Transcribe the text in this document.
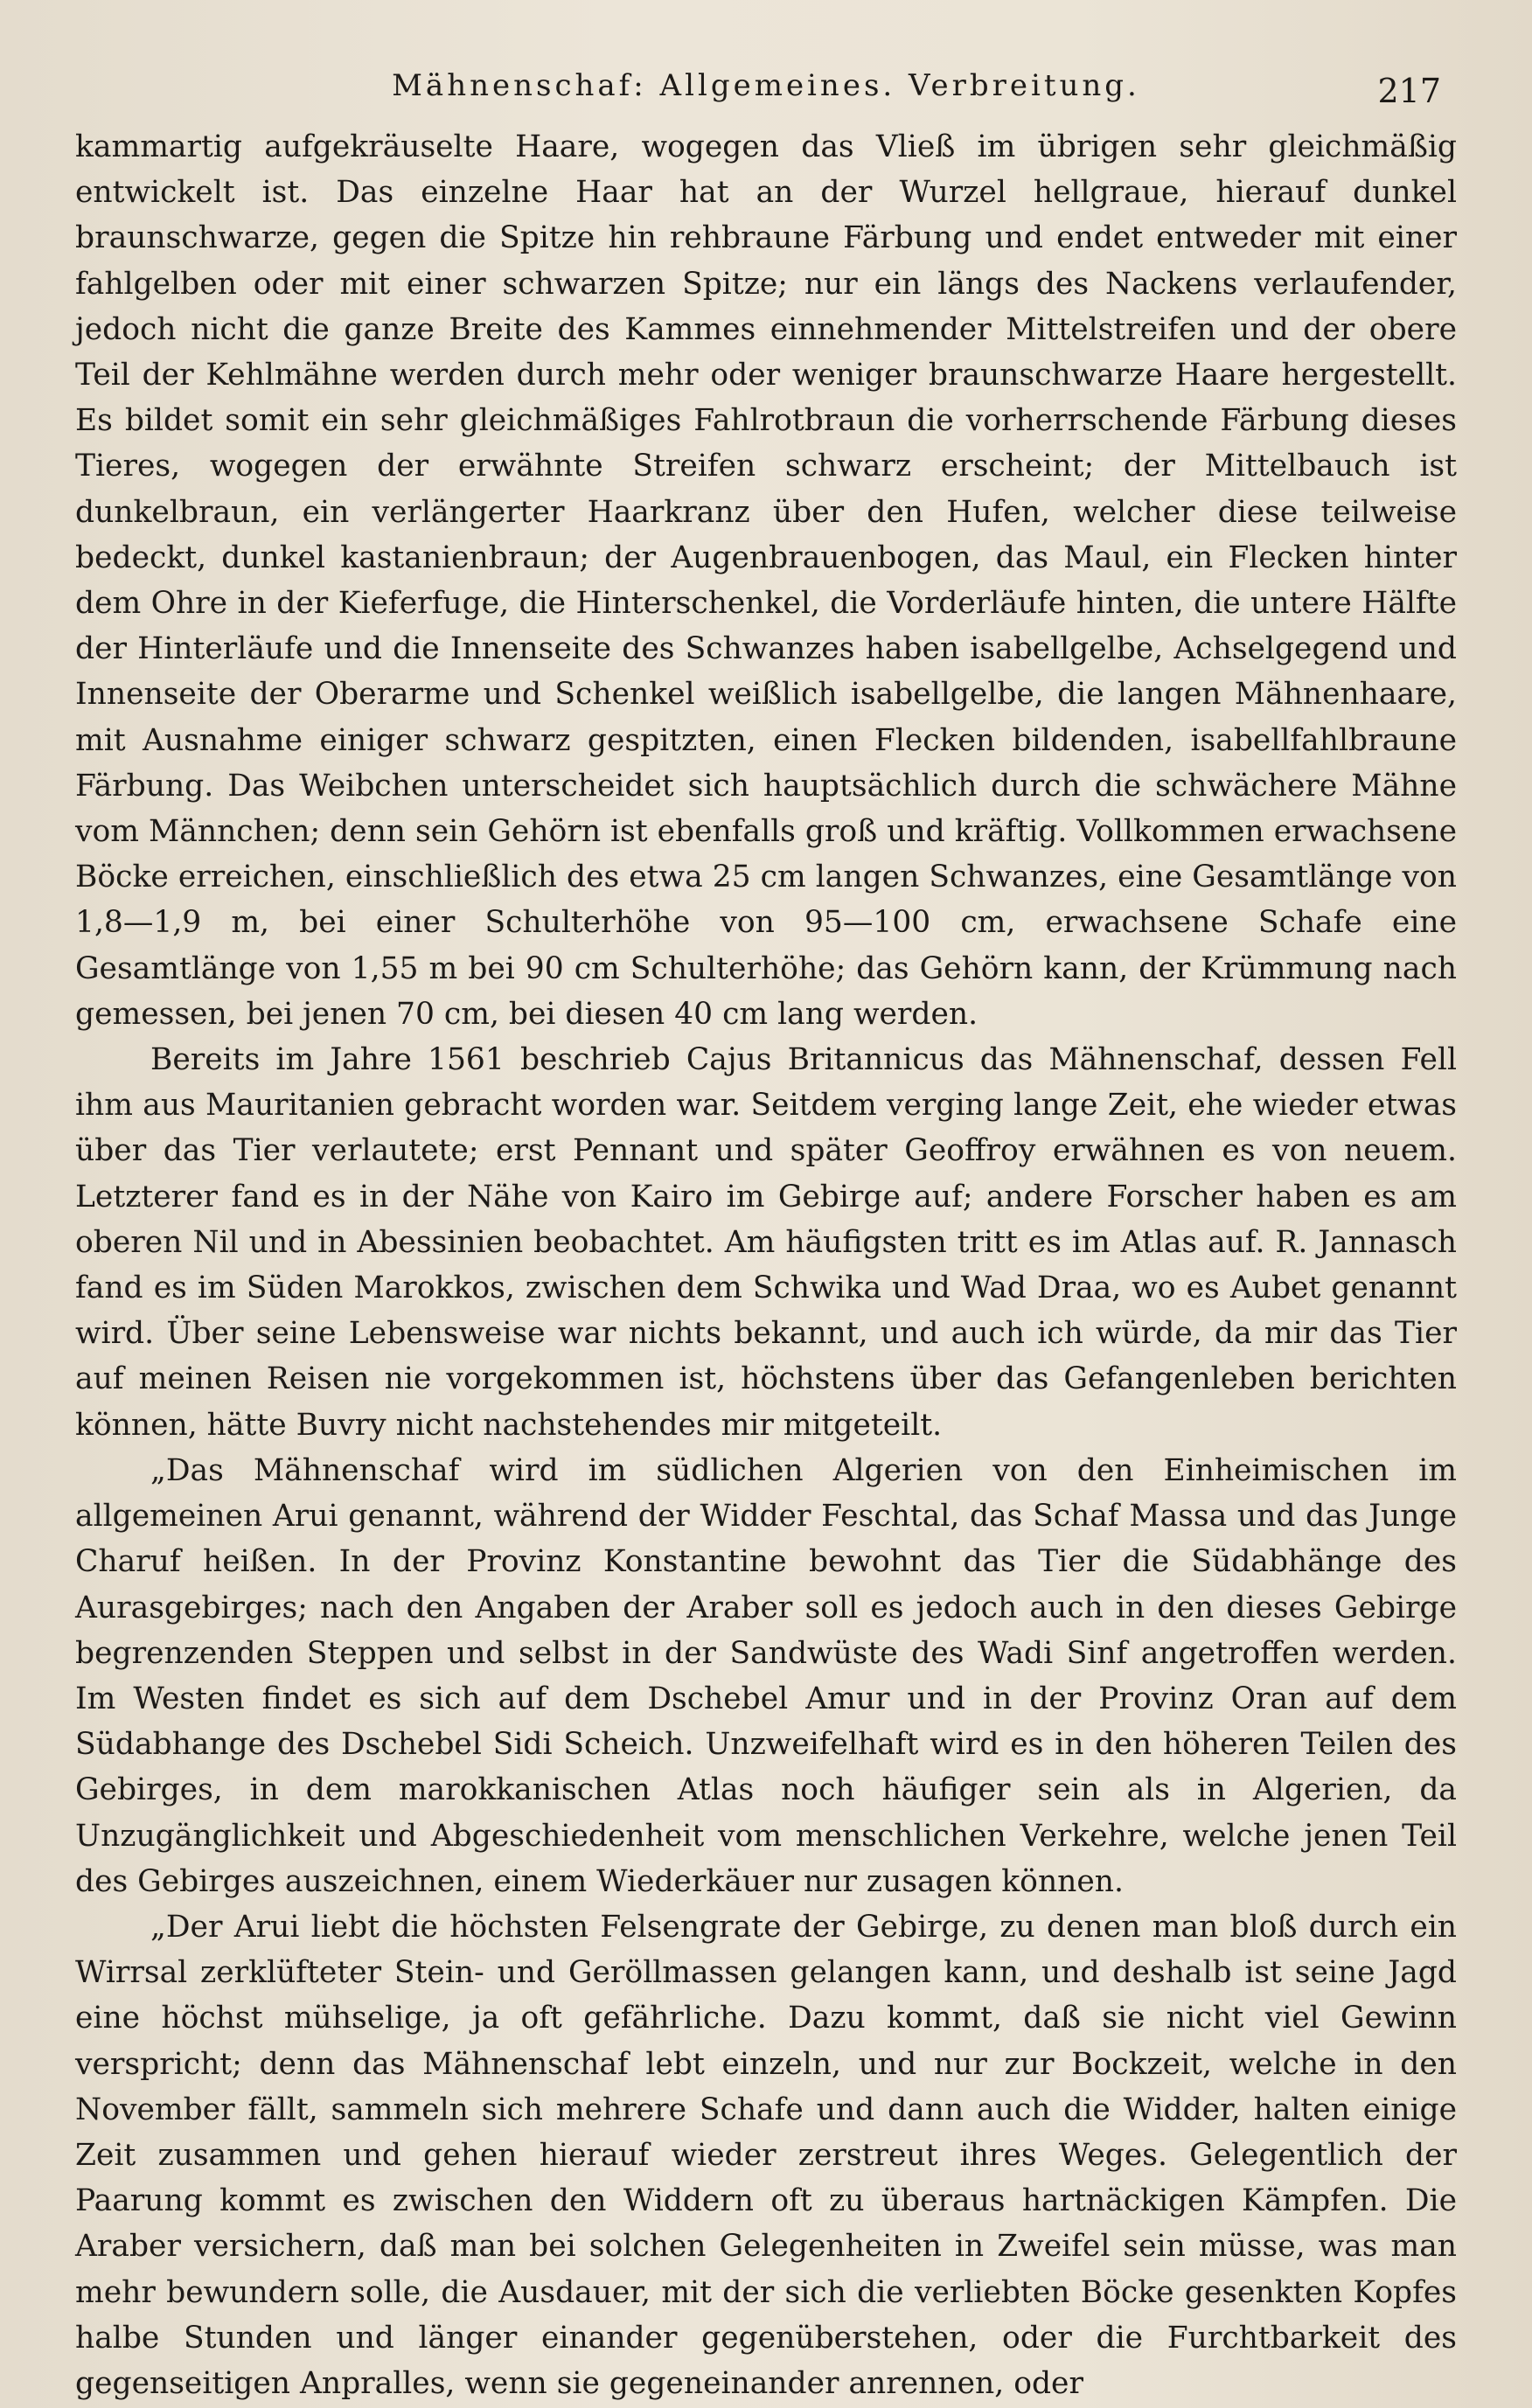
Mähnenschaf: Allgemeines. Verbreitung.	217

kammartig aufgekräuselte Haare, wogegen das Vließ im übrigen sehr gleichmäßig entwickelt ist. Das einzelne Haar hat an der Wurzel hellgraue, hierauf dunkel braunschwarze, gegen die Spitze hin rehbraune Färbung und endet entweder mit einer fahlgelben oder mit einer schwarzen Spitze; nur ein längs des Nackens verlaufender, jedoch nicht die ganze Breite des Kammes einnehmender Mittelstreifen und der obere Teil der Kehlmähne werden durch mehr oder weniger braunschwarze Haare hergestellt. Es bildet somit ein sehr gleichmäßiges Fahlrotbraun die vorherrschende Färbung dieses Tieres, wogegen der erwähnte Streifen schwarz erscheint; der Mittelbauch ist dunkelbraun, ein verlängerter Haarkranz über den Hufen, welcher diese teilweise bedeckt, dunkel kastanienbraun; der Augenbrauenbogen, das Maul, ein Flecken hinter dem Ohre in der Kieferfuge, die Hinterschenkel, die Vorderläufe hinten, die untere Hälfte der Hinterläufe und die Innenseite des Schwanzes haben isabellgelbe, Achselgegend und Innenseite der Oberarme und Schenkel weißlich isabellgelbe, die langen Mähnenhaare, mit Ausnahme einiger schwarz gespitzten, einen Flecken bildenden, isabellfahlbraune Färbung. Das Weibchen unterscheidet sich hauptsächlich durch die schwächere Mähne vom Männchen; denn sein Gehörn ist ebenfalls groß und kräftig. Vollkommen erwachsene Böcke erreichen, einschließlich des etwa 25 cm langen Schwanzes, eine Gesamtlänge von 1,8—1,9 m, bei einer Schulterhöhe von 95—100 cm, erwachsene Schafe eine Gesamtlänge von 1,55 m bei 90 cm Schulterhöhe; das Gehörn kann, der Krümmung nach gemessen, bei jenen 70 cm, bei diesen 40 cm lang werden.

Bereits im Jahre 1561 beschrieb Cajus Britannicus das Mähnenschaf, dessen Fell ihm aus Mauritanien gebracht worden war. Seitdem verging lange Zeit, ehe wieder etwas über das Tier verlautete; erst Pennant und später Geoffroy erwähnen es von neuem. Letzterer fand es in der Nähe von Kairo im Gebirge auf; andere Forscher haben es am oberen Nil und in Abessinien beobachtet. Am häufigsten tritt es im Atlas auf. R. Jannasch fand es im Süden Marokkos, zwischen dem Schwika und Wad Draa, wo es Aubet genannt wird. Über seine Lebensweise war nichts bekannt, und auch ich würde, da mir das Tier auf meinen Reisen nie vorgekommen ist, höchstens über das Gefangenleben berichten können, hätte Buvry nicht nachstehendes mir mitgeteilt.

„Das Mähnenschaf wird im südlichen Algerien von den Einheimischen im allgemeinen Arui genannt, während der Widder Feschtal, das Schaf Massa und das Junge Charuf heißen. In der Provinz Konstantine bewohnt das Tier die Südabhänge des Aurasgebirges; nach den Angaben der Araber soll es jedoch auch in den dieses Gebirge begrenzenden Steppen und selbst in der Sandwüste des Wadi Sinf angetroffen werden. Im Westen findet es sich auf dem Dschebel Amur und in der Provinz Oran auf dem Südabhange des Dschebel Sidi Scheich. Unzweifelhaft wird es in den höheren Teilen des Gebirges, in dem marokkanischen Atlas noch häufiger sein als in Algerien, da Unzugänglichkeit und Abgeschiedenheit vom menschlichen Verkehre, welche jenen Teil des Gebirges auszeichnen, einem Wiederkäuer nur zusagen können.

„Der Arui liebt die höchsten Felsengrate der Gebirge, zu denen man bloß durch ein Wirrsal zerklüfteter Stein- und Geröllmassen gelangen kann, und deshalb ist seine Jagd eine höchst mühselige, ja oft gefährliche. Dazu kommt, daß sie nicht viel Gewinn verspricht; denn das Mähnenschaf lebt einzeln, und nur zur Bockzeit, welche in den November fällt, sammeln sich mehrere Schafe und dann auch die Widder, halten einige Zeit zusammen und gehen hierauf wieder zerstreut ihres Weges. Gelegentlich der Paarung kommt es zwischen den Widdern oft zu überaus hartnäckigen Kämpfen. Die Araber versichern, daß man bei solchen Gelegenheiten in Zweifel sein müsse, was man mehr bewundern solle, die Ausdauer, mit der sich die verliebten Böcke gesenkten Kopfes halbe Stunden und länger einander gegenüberstehen, oder die Furchtbarkeit des gegenseitigen Anpralles, wenn sie gegeneinander anrennen, oder
